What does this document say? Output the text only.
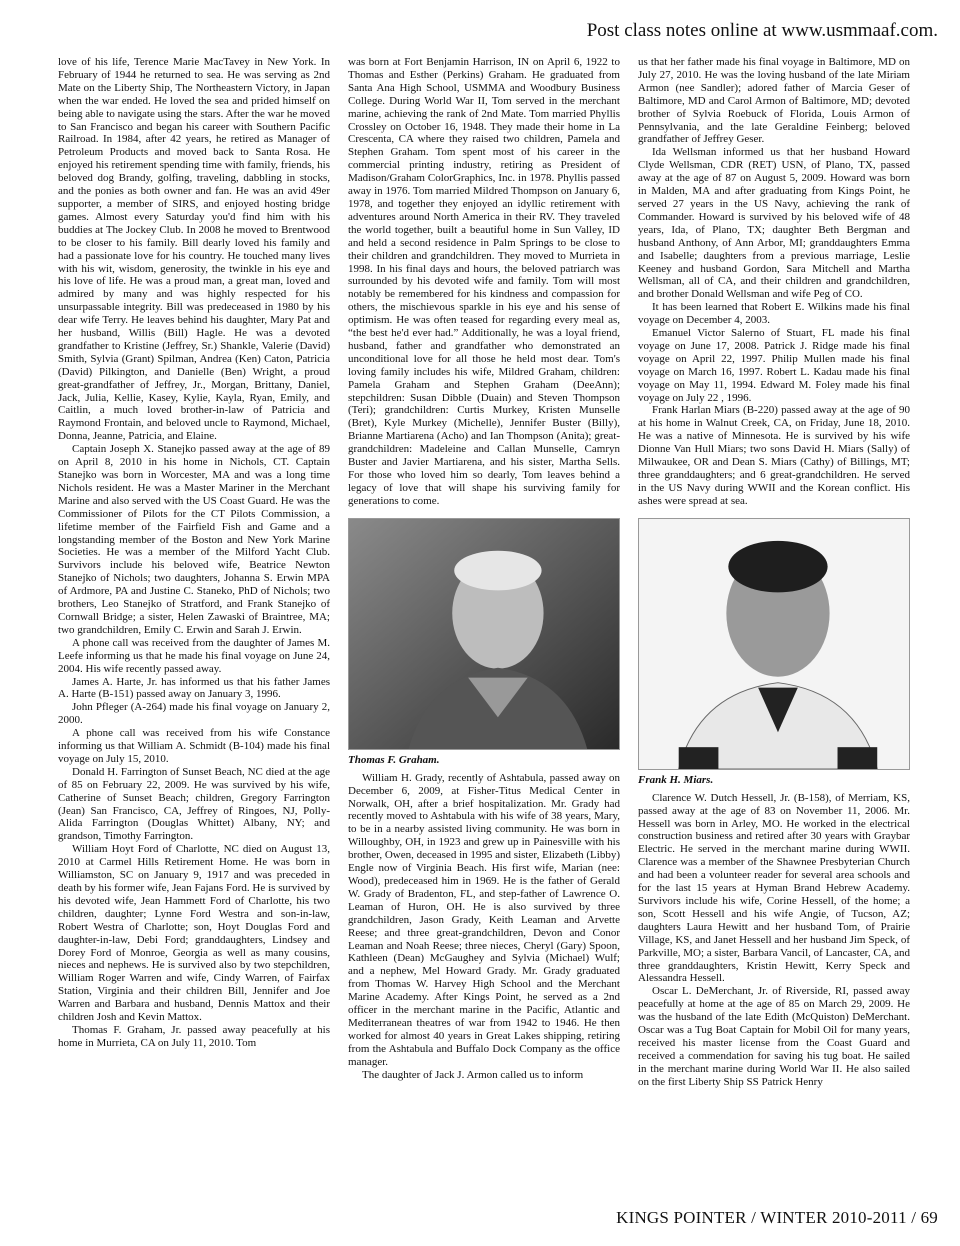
Post class notes online at www.usmmaaf.com.

love of his life, Terence Marie MacTavey in New York. In February of 1944 he returned to sea. He was serving as 2nd Mate on the Liberty Ship, The Northeastern Victory, in Japan when the war ended. He loved the sea and prided himself on being able to navigate using the stars. After the war he moved to San Francisco and began his career with Southern Pacific Railroad. In 1984, after 42 years, he retired as Manager of Petroleum Products and moved back to Santa Rosa. He enjoyed his retirement spending time with family, friends, his beloved dog Brandy, golfing, traveling, dabbling in stocks, and the ponies as both owner and fan. He was an avid 49er supporter, a member of SIRS, and enjoyed hosting bridge games. Almost every Saturday you'd find him with his buddies at The Jockey Club. In 2008 he moved to Brentwood to be closer to his family. Bill dearly loved his family and had a passionate love for his country. He touched many lives with his wit, wisdom, generosity, the twinkle in his eye and his love of life. He was a proud man, a great man, loved and admired by many and was highly respected for his unsurpassable integrity. Bill was predeceased in 1980 by his dear wife Terry. He leaves behind his daughter, Mary Pat and her husband, Willis (Bill) Hagle. He was a devoted grandfather to Kristine (Jeffrey, Sr.) Shankle, Valerie (David) Smith, Sylvia (Grant) Spilman, Andrea (Ken) Caton, Patricia (David) Pilkington, and Danielle (Ben) Wright, a proud great-grandfather of Jeffrey, Jr., Morgan, Brittany, Daniel, Jack, Julia, Kellie, Kasey, Kylie, Kayla, Ryan, Emily, and Caitlin, a much loved brother-in-law of Patricia and Raymond Frontain, and beloved uncle to Raymond, Michael, Donna, Jeanne, Patricia, and Elaine.

Captain Joseph X. Stanejko passed away at the age of 89 on April 8, 2010 in his home in Nichols, CT. Captain Stanejko was born in Worcester, MA and was a long time Nichols resident. He was a Master Mariner in the Merchant Marine and also served with the US Coast Guard. He was the Commissioner of Pilots for the CT Pilots Commission, a lifetime member of the Fairfield Fish and Game and a longstanding member of the Boston and New York Marine Societies. He was a member of the Milford Yacht Club. Survivors include his beloved wife, Beatrice Newton Stanejko of Nichols; two daughters, Johanna S. Erwin MPA of Ardmore, PA and Justine C. Staneko, PhD of Nichols; two brothers, Leo Stanejko of Stratford, and Frank Stanejko of Cornwall Bridge; a sister, Helen Zawaski of Braintree, MA; two grandchildren, Emily C. Erwin and Sarah J. Erwin.

A phone call was received from the daughter of James M. Leefe informing us that he made his final voyage on June 24, 2004. His wife recently passed away.

James A. Harte, Jr. has informed us that his father James A. Harte (B-151) passed away on January 3, 1996.

John Pfleger (A-264) made his final voyage on January 2, 2000.

A phone call was received from his wife Constance informing us that William A. Schmidt (B-104) made his final voyage on July 15, 2010.

Donald H. Farrington of Sunset Beach, NC died at the age of 85 on February 22, 2009. He was survived by his wife, Catherine of Sunset Beach; children, Gregory Farrington (Jean) San Francisco, CA, Jeffrey of Ringoes, NJ, Polly-Alida Farrington (Douglas Whittet) Albany, NY; and grandson, Timothy Farrington.

William Hoyt Ford of Charlotte, NC died on August 13, 2010 at Carmel Hills Retirement Home. He was born in Williamston, SC on January 9, 1917 and was preceded in death by his former wife, Jean Fajans Ford. He is survived by his devoted wife, Jean Hammett Ford of Charlotte, his two children, daughter; Lynne Ford Westra and son-in-law, Robert Westra of Charlotte; son, Hoyt Douglas Ford and daughter-in-law, Debi Ford; granddaughters, Lindsey and Dorey Ford of Monroe, Georgia as well as many cousins, nieces and nephews. He is survived also by two stepchildren, William Roger Warren and wife, Cindy Warren, of Fairfax Station, Virginia and their children Bill, Jennifer and Joe Warren and Barbara and husband, Dennis Mattox and their children Josh and Kevin Mattox.

Thomas F. Graham, Jr. passed away peacefully at his home in Murrieta, CA on July 11, 2010. Tom

was born at Fort Benjamin Harrison, IN on April 6, 1922 to Thomas and Esther (Perkins) Graham. He graduated from Santa Ana High School, USMMA and Woodbury Business College. During World War II, Tom served in the merchant marine, achieving the rank of 2nd Mate. Tom married Phyllis Crossley on October 16, 1948. They made their home in La Crescenta, CA where they raised two children, Pamela and Stephen Graham. Tom spent most of his career in the commercial printing industry, retiring as President of Madison/Graham ColorGraphics, Inc. in 1978. Phyllis passed away in 1976. Tom married Mildred Thompson on January 6, 1978, and together they enjoyed an idyllic retirement with adventures around North America in their RV. They traveled the world together, built a beautiful home in Sun Valley, ID and held a second residence in Palm Springs to be close to their children and grandchildren. They moved to Murrieta in 1998. In his final days and hours, the beloved patriarch was surrounded by his devoted wife and family. Tom will most notably be remembered for his kindness and compassion for others, the mischievous sparkle in his eye and his sense of optimism. He was often teased for regarding every meal as, “the best he'd ever had.” Additionally, he was a loyal friend, husband, father and grandfather who demonstrated an unconditional love for all those he held most dear. Tom's loving family includes his wife, Mildred Graham, children: Pamela Graham and Stephen Graham (DeeAnn); stepchildren: Susan Dibble (Duain) and Steven Thompson (Teri); grandchildren: Curtis Murkey, Kristen Munselle (Bret), Kyle Murkey (Michelle), Jennifer Buster (Billy), Brianne Martiarena (Acho) and Ian Thompson (Anita); great-grandchildren: Madeleine and Callan Munselle, Camryn Buster and Javier Martiarena, and his sister, Martha Sells. For those who loved him so dearly, Tom leaves behind a legacy of love that will shape his surviving family for generations to come.

Thomas F. Graham.

William H. Grady, recently of Ashtabula, passed away on December 6, 2009, at Fisher-Titus Medical Center in Norwalk, OH, after a brief hospitalization. Mr. Grady had recently moved to Ashtabula with his wife of 38 years, Mary, to be in a nearby assisted living community. He was born in Willoughby, OH, in 1923 and grew up in Painesville with his brother, Owen, deceased in 1995 and sister, Elizabeth (Libby) Engle now of Virginia Beach. His first wife, Marian (nee: Wood), predeceased him in 1969. He is the father of Gerald W. Grady of Bradenton, FL, and step-father of Lawrence O. Leaman of Huron, OH. He is also survived by three grandchildren, Jason Grady, Keith Leaman and Arvette Reese; and three great-grandchildren, Devon and Conor Leaman and Noah Reese; three nieces, Cheryl (Gary) Spoon, Kathleen (Dean) McGaughey and Sylvia (Michael) Wulf; and a nephew, Mel Howard Grady. Mr. Grady graduated from Thomas W. Harvey High School and the Merchant Marine Academy. After Kings Point, he served as a 2nd officer in the merchant marine in the Pacific, Atlantic and Mediterranean theatres of war from 1942 to 1946. He then worked for almost 40 years in Great Lakes shipping, retiring from the Ashtabula and Buffalo Dock Company as the office manager.

The daughter of Jack J. Armon called us to inform

us that her father made his final voyage in Baltimore, MD on July 27, 2010. He was the loving husband of the late Miriam Armon (nee Sandler); adored father of Marcia Geser of Baltimore, MD and Carol Armon of Baltimore, MD; devoted brother of Sylvia Roebuck of Florida, Louis Armon of Pennsylvania, and the late Geraldine Feinberg; beloved grandfather of Jeffrey Geser.

Ida Wellsman informed us that her husband Howard Clyde Wellsman, CDR (RET) USN, of Plano, TX, passed away at the age of 87 on August 5, 2009. Howard was born in Malden, MA and after graduating from Kings Point, he served 27 years in the US Navy, achieving the rank of Commander. Howard is survived by his beloved wife of 48 years, Ida, of Plano, TX; daughter Beth Bergman and husband Anthony, of Ann Arbor, MI; granddaughters Emma and Isabelle; daughters from a previous marriage, Leslie Keeney and husband Gordon, Sara Mitchell and Martha Wellsman, all of CA, and their children and grandchildren, and brother Donald Wellsman and wife Peg of CO.

It has been learned that Robert E. Wilkins made his final voyage on December 4, 2003.

Emanuel Victor Salerno of Stuart, FL made his final voyage on June 17, 2008. Patrick J. Ridge made his final voyage on April 22, 1997. Philip Mullen made his final voyage on March 16, 1997. Robert L. Kadau made his final voyage on May 11, 1994. Edward M. Foley made his final voyage on July 22 , 1996.

Frank Harlan Miars (B-220) passed away at the age of 90 at his home in Walnut Creek, CA, on Friday, June 18, 2010. He was a native of Minnesota. He is survived by his wife Dionne Van Hull Miars; two sons David H. Miars (Sally) of Milwaukee, OR and Dean S. Miars (Cathy) of Billings, MT; three granddaughters; and 6 great-grandchildren. He served in the US Navy during WWII and the Korean conflict. His ashes were spread at sea.

Frank H. Miars.

Clarence W. Dutch Hessell, Jr. (B-158), of Merriam, KS, passed away at the age of 83 on November 11, 2006. Mr. Hessell was born in Arley, MO. He worked in the electrical construction business and retired after 30 years with Graybar Electric. He served in the merchant marine during WWII. Clarence was a member of the Shawnee Presbyterian Church and had been a volunteer reader for several area schools and for the last 15 years at Hyman Brand Hebrew Academy. Survivors include his wife, Corine Hessell, of the home; a son, Scott Hessell and his wife Angie, of Tucson, AZ; daughters Laura Hewitt and her husband Tom, of Prairie Village, KS, and Janet Hessell and her husband Jim Speck, of Parkville, MO; a sister, Barbara Vancil, of Lancaster, CA, and three granddaughters, Kristin Hewitt, Kerry Speck and Alessandra Hessell.

Oscar L. DeMerchant, Jr. of Riverside, RI, passed away peacefully at home at the age of 85 on March 29, 2009. He was the husband of the late Edith (McQuiston) DeMerchant. Oscar was a Tug Boat Captain for Mobil Oil for many years, received his master license from the Coast Guard and received a commendation for saving his tug boat. He sailed in the merchant marine during World War II. He also sailed on the first Liberty Ship SS Patrick Henry

KINGS POINTER / WINTER 2010-2011 / 69
